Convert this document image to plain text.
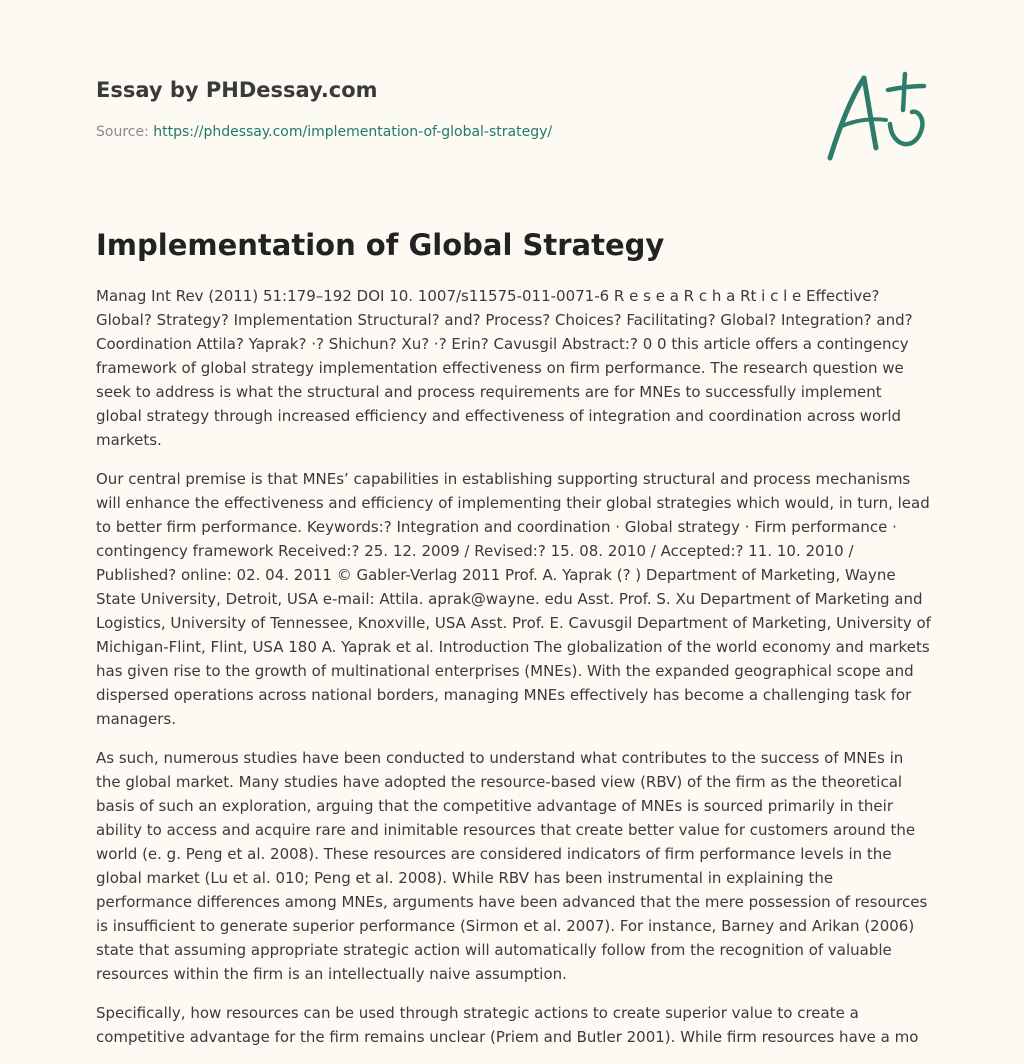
Essay by PHDessay.com
Source: https://phdessay.com/implementation-of-global-strategy/
Implementation of Global Strategy

Manag Int Rev (2011) 51:179–192 DOI 10. 1007/s11575-011-0071-6 R e s e a R c h a Rt i c l e Effective? Global? Strategy? Implementation Structural? and? Process? Choices? Facilitating? Global? Integration? and? Coordination Attila? Yaprak? ·? Shichun? Xu? ·? Erin? Cavusgil Abstract:? 0 0 this article offers a contingency framework of global strategy implementation effectiveness on firm performance. The research question we seek to address is what the structural and process requirements are for MNEs to successfully implement global strategy through increased efficiency and effectiveness of integration and coordination across world markets.

Our central premise is that MNEs’ capabilities in establishing supporting structural and process mechanisms will enhance the effectiveness and efficiency of implementing their global strategies which would, in turn, lead to better firm performance. Keywords:? Integration and coordination · Global strategy · Firm performance · contingency framework Received:? 25. 12. 2009 / Revised:? 15. 08. 2010 / Accepted:? 11. 10. 2010 / Published? online: 02. 04. 2011 © Gabler-Verlag 2011 Prof. A. Yaprak (? ) Department of Marketing, Wayne State University, Detroit, USA e-mail: Attila. aprak@wayne. edu Asst. Prof. S. Xu Department of Marketing and Logistics, University of Tennessee, Knoxville, USA Asst. Prof. E. Cavusgil Department of Marketing, University of Michigan-Flint, Flint, USA 180 A. Yaprak et al. Introduction The globalization of the world economy and markets has given rise to the growth of multinational enterprises (MNEs). With the expanded geographical scope and dispersed operations across national borders, managing MNEs effectively has become a challenging task for managers.

As such, numerous studies have been conducted to understand what contributes to the success of MNEs in the global market. Many studies have adopted the resource-based view (RBV) of the firm as the theoretical basis of such an exploration, arguing that the competitive advantage of MNEs is sourced primarily in their ability to access and acquire rare and inimitable resources that create better value for customers around the world (e. g. Peng et al. 2008). These resources are considered indicators of firm performance levels in the global market (Lu et al. 010; Peng et al. 2008). While RBV has been instrumental in explaining the performance differences among MNEs, arguments have been advanced that the mere possession of resources is insufficient to generate superior performance (Sirmon et al. 2007). For instance, Barney and Arikan (2006) state that assuming appropriate strategic action will automatically follow from the recognition of valuable resources within the firm is an intellectually naive assumption.

Specifically, how resources can be used through strategic actions to create superior value to create a competitive advantage for the firm remains unclear (Priem and Butler 2001). While firm resources have a mo
